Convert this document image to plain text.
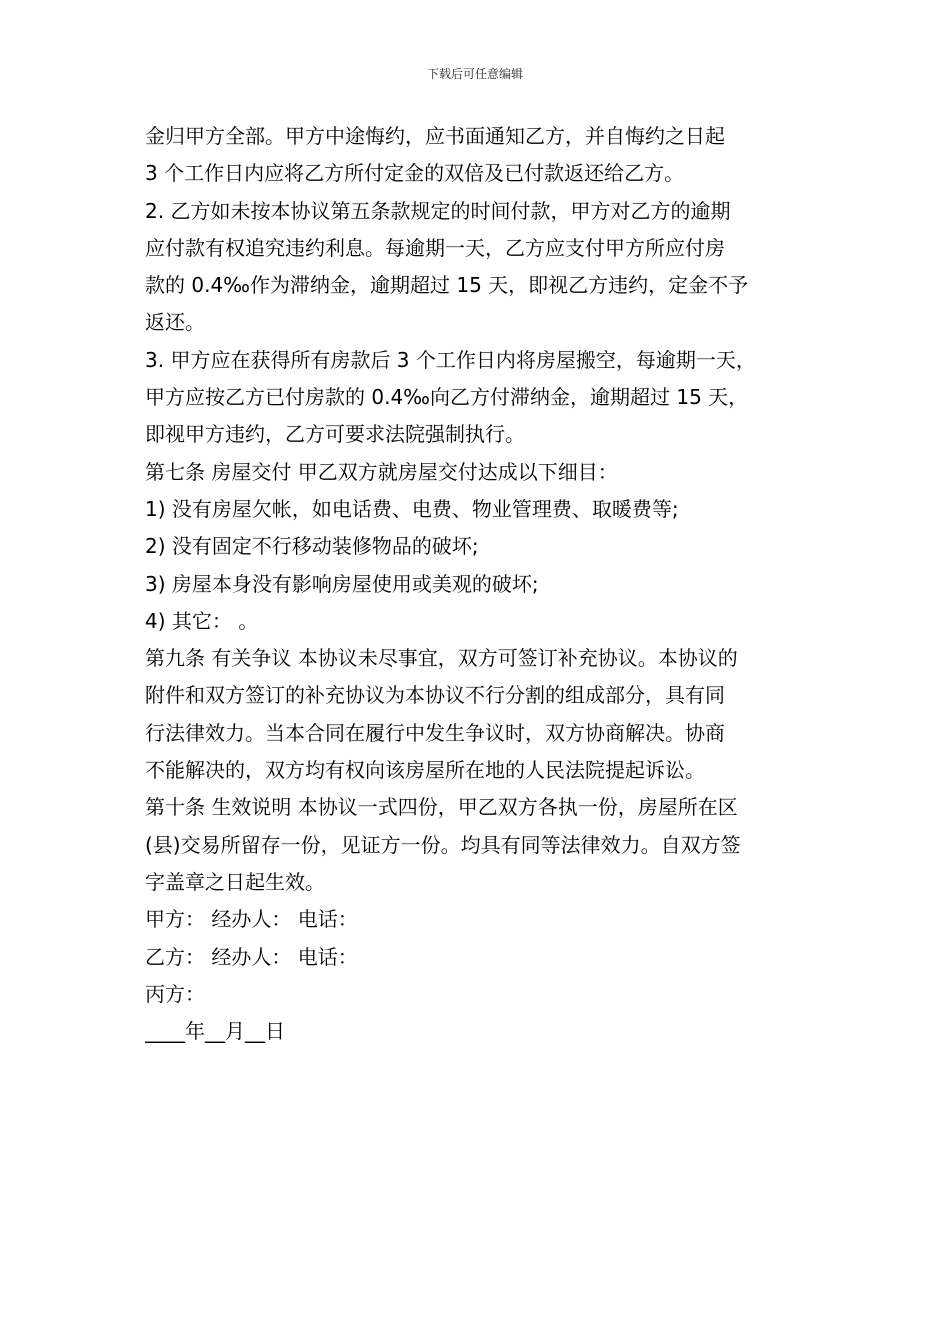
下载后可任意编辑
金归甲方全部。甲方中途悔约，应书面通知乙方，并自悔约之日起
3 个工作日内应将乙方所付定金的双倍及已付款返还给乙方。
2. 乙方如未按本协议第五条款规定的时间付款，甲方对乙方的逾期
应付款有权追究违约利息。每逾期一天，乙方应支付甲方所应付房
款的 0.4‰作为滞纳金，逾期超过 15 天，即视乙方违约，定金不予
返还。
3. 甲方应在获得所有房款后 3 个工作日内将房屋搬空，每逾期一天，
甲方应按乙方已付房款的 0.4‰向乙方付滞纳金，逾期超过 15 天，
即视甲方违约，乙方可要求法院强制执行。
第七条 房屋交付 甲乙双方就房屋交付达成以下细目：
1) 没有房屋欠帐，如电话费、电费、物业管理费、取暖费等;
2) 没有固定不行移动装修物品的破坏;
3) 房屋本身没有影响房屋使用或美观的破坏;
4) 其它： 。
第九条 有关争议 本协议未尽事宜，双方可签订补充协议。本协议的
附件和双方签订的补充协议为本协议不行分割的组成部分，具有同
行法律效力。当本合同在履行中发生争议时，双方协商解决。协商
不能解决的，双方均有权向该房屋所在地的人民法院提起诉讼。
第十条 生效说明 本协议一式四份，甲乙双方各执一份，房屋所在区
(县)交易所留存一份，见证方一份。均具有同等法律效力。自双方签
字盖章之日起生效。
甲方： 经办人： 电话：
乙方： 经办人： 电话：
丙方：
____年__月__日
